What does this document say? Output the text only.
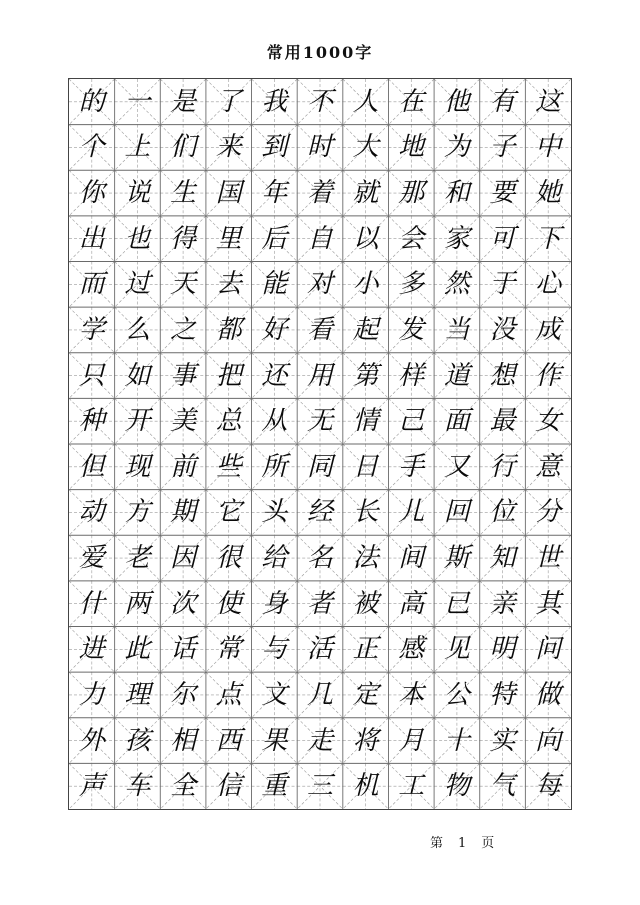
常用1000字
的 一 是 了 我 不 人 在 他 有 这
个 上 们 来 到 时 大 地 为 子 中
你 说 生 国 年 着 就 那 和 要 她
出 也 得 里 后 自 以 会 家 可 下
而 过 天 去 能 对 小 多 然 于 心
学 么 之 都 好 看 起 发 当 没 成
只 如 事 把 还 用 第 样 道 想 作
种 开 美 总 从 无 情 己 面 最 女
但 现 前 些 所 同 日 手 又 行 意
动 方 期 它 头 经 长 儿 回 位 分
爱 老 因 很 给 名 法 间 斯 知 世
什 两 次 使 身 者 被 高 已 亲 其
进 此 话 常 与 活 正 感 见 明 问
力 理 尔 点 文 几 定 本 公 特 做
外 孩 相 西 果 走 将 月 十 实 向
声 车 全 信 重 三 机 工 物 气 每
第 1 页
